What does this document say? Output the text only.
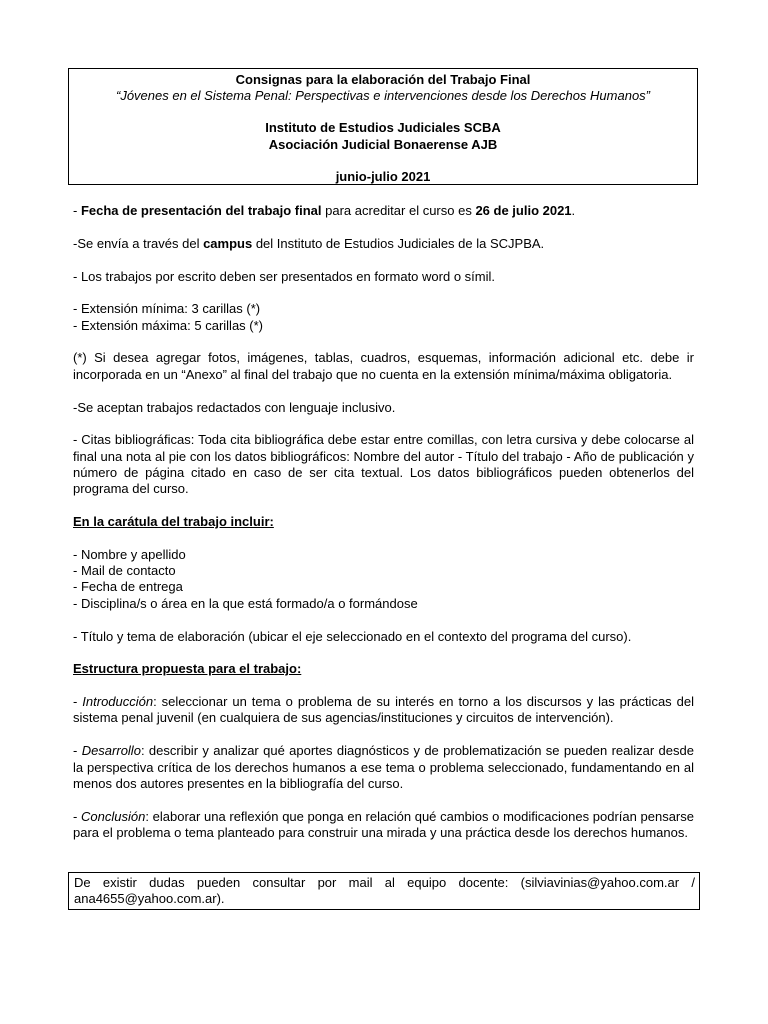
Consignas para la elaboración del Trabajo Final
“Jóvenes en el Sistema Penal: Perspectivas e intervenciones desde los Derechos Humanos”
Instituto de Estudios Judiciales SCBA
Asociación Judicial Bonaerense AJB
junio-julio 2021

- Fecha de presentación del trabajo final para acreditar el curso es 26 de julio 2021.

-Se envía a través del campus del Instituto de Estudios Judiciales de la SCJPBA.

- Los trabajos por escrito deben ser presentados en formato word o símil.

- Extensión mínima: 3 carillas (*)

- Extensión máxima: 5 carillas (*)

(*) Si desea agregar fotos, imágenes, tablas, cuadros, esquemas, información adicional etc. debe ir incorporada en un “Anexo” al final del trabajo que no cuenta en la extensión mínima/máxima obligatoria.

-Se aceptan trabajos redactados con lenguaje inclusivo.

- Citas bibliográficas: Toda cita bibliográfica debe estar entre comillas, con letra cursiva y debe colocarse al final una nota al pie con los datos bibliográficos: Nombre del autor - Título del trabajo - Año de publicación y número de página citado en caso de ser cita textual. Los datos bibliográficos pueden obtenerlos del programa del curso.

En la carátula del trabajo incluir:

- Nombre y apellido

- Mail de contacto

- Fecha de entrega

- Disciplina/s o área en la que está formado/a o formándose

- Título y tema de elaboración (ubicar el eje seleccionado en el contexto del programa del curso).

Estructura propuesta para el trabajo:

- Introducción: seleccionar un tema o problema de su interés en torno a los discursos y las prácticas del sistema penal juvenil (en cualquiera de sus agencias/instituciones y circuitos de intervención).

- Desarrollo: describir y analizar qué aportes diagnósticos y de problematización se pueden realizar desde la perspectiva crítica de los derechos humanos a ese tema o problema seleccionado, fundamentando en al menos dos autores presentes en la bibliografía del curso.

- Conclusión: elaborar una reflexión que ponga en relación qué cambios o modificaciones podrían pensarse para el problema o tema planteado para construir una mirada y una práctica desde los derechos humanos.

De existir dudas pueden consultar por mail al equipo docente: (silviavinias@yahoo.com.ar / ana4655@yahoo.com.ar).
